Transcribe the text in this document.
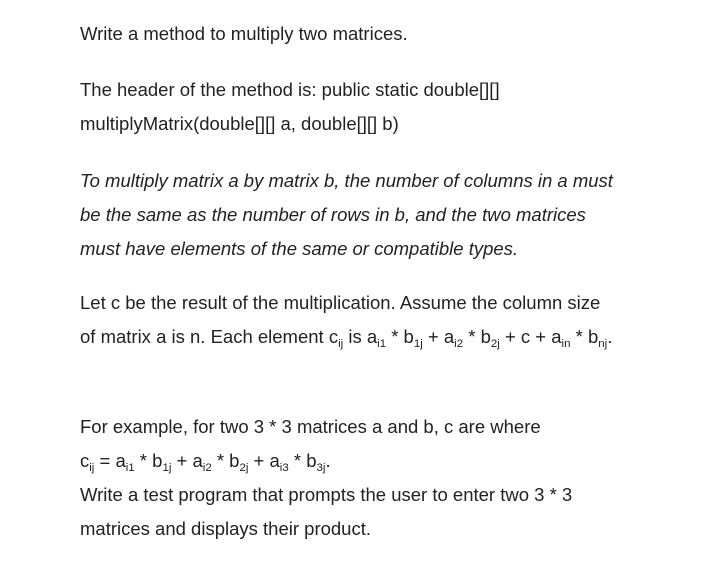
Write a method to multiply two matrices.

The header of the method is: public static double[][]
multiplyMatrix(double[][] a, double[][] b)

To multiply matrix a by matrix b, the number of columns in a must
be the same as the number of rows in b, and the two matrices
must have elements of the same or compatible types.

Let c be the result of the multiplication. Assume the column size
of matrix a is n. Each element $c_{ij}$ is $a_{i1} * b_{1j} + a_{i2} * b_{2j} + c + a_{in} * b_{nj}$.

For example, for two 3 * 3 matrices a and b, c are where
$c_{ij} = a_{i1} * b_{1j} + a_{i2} * b_{2j} + a_{i3} * b_{3j}$.
Write a test program that prompts the user to enter two 3 * 3
matrices and displays their product.
